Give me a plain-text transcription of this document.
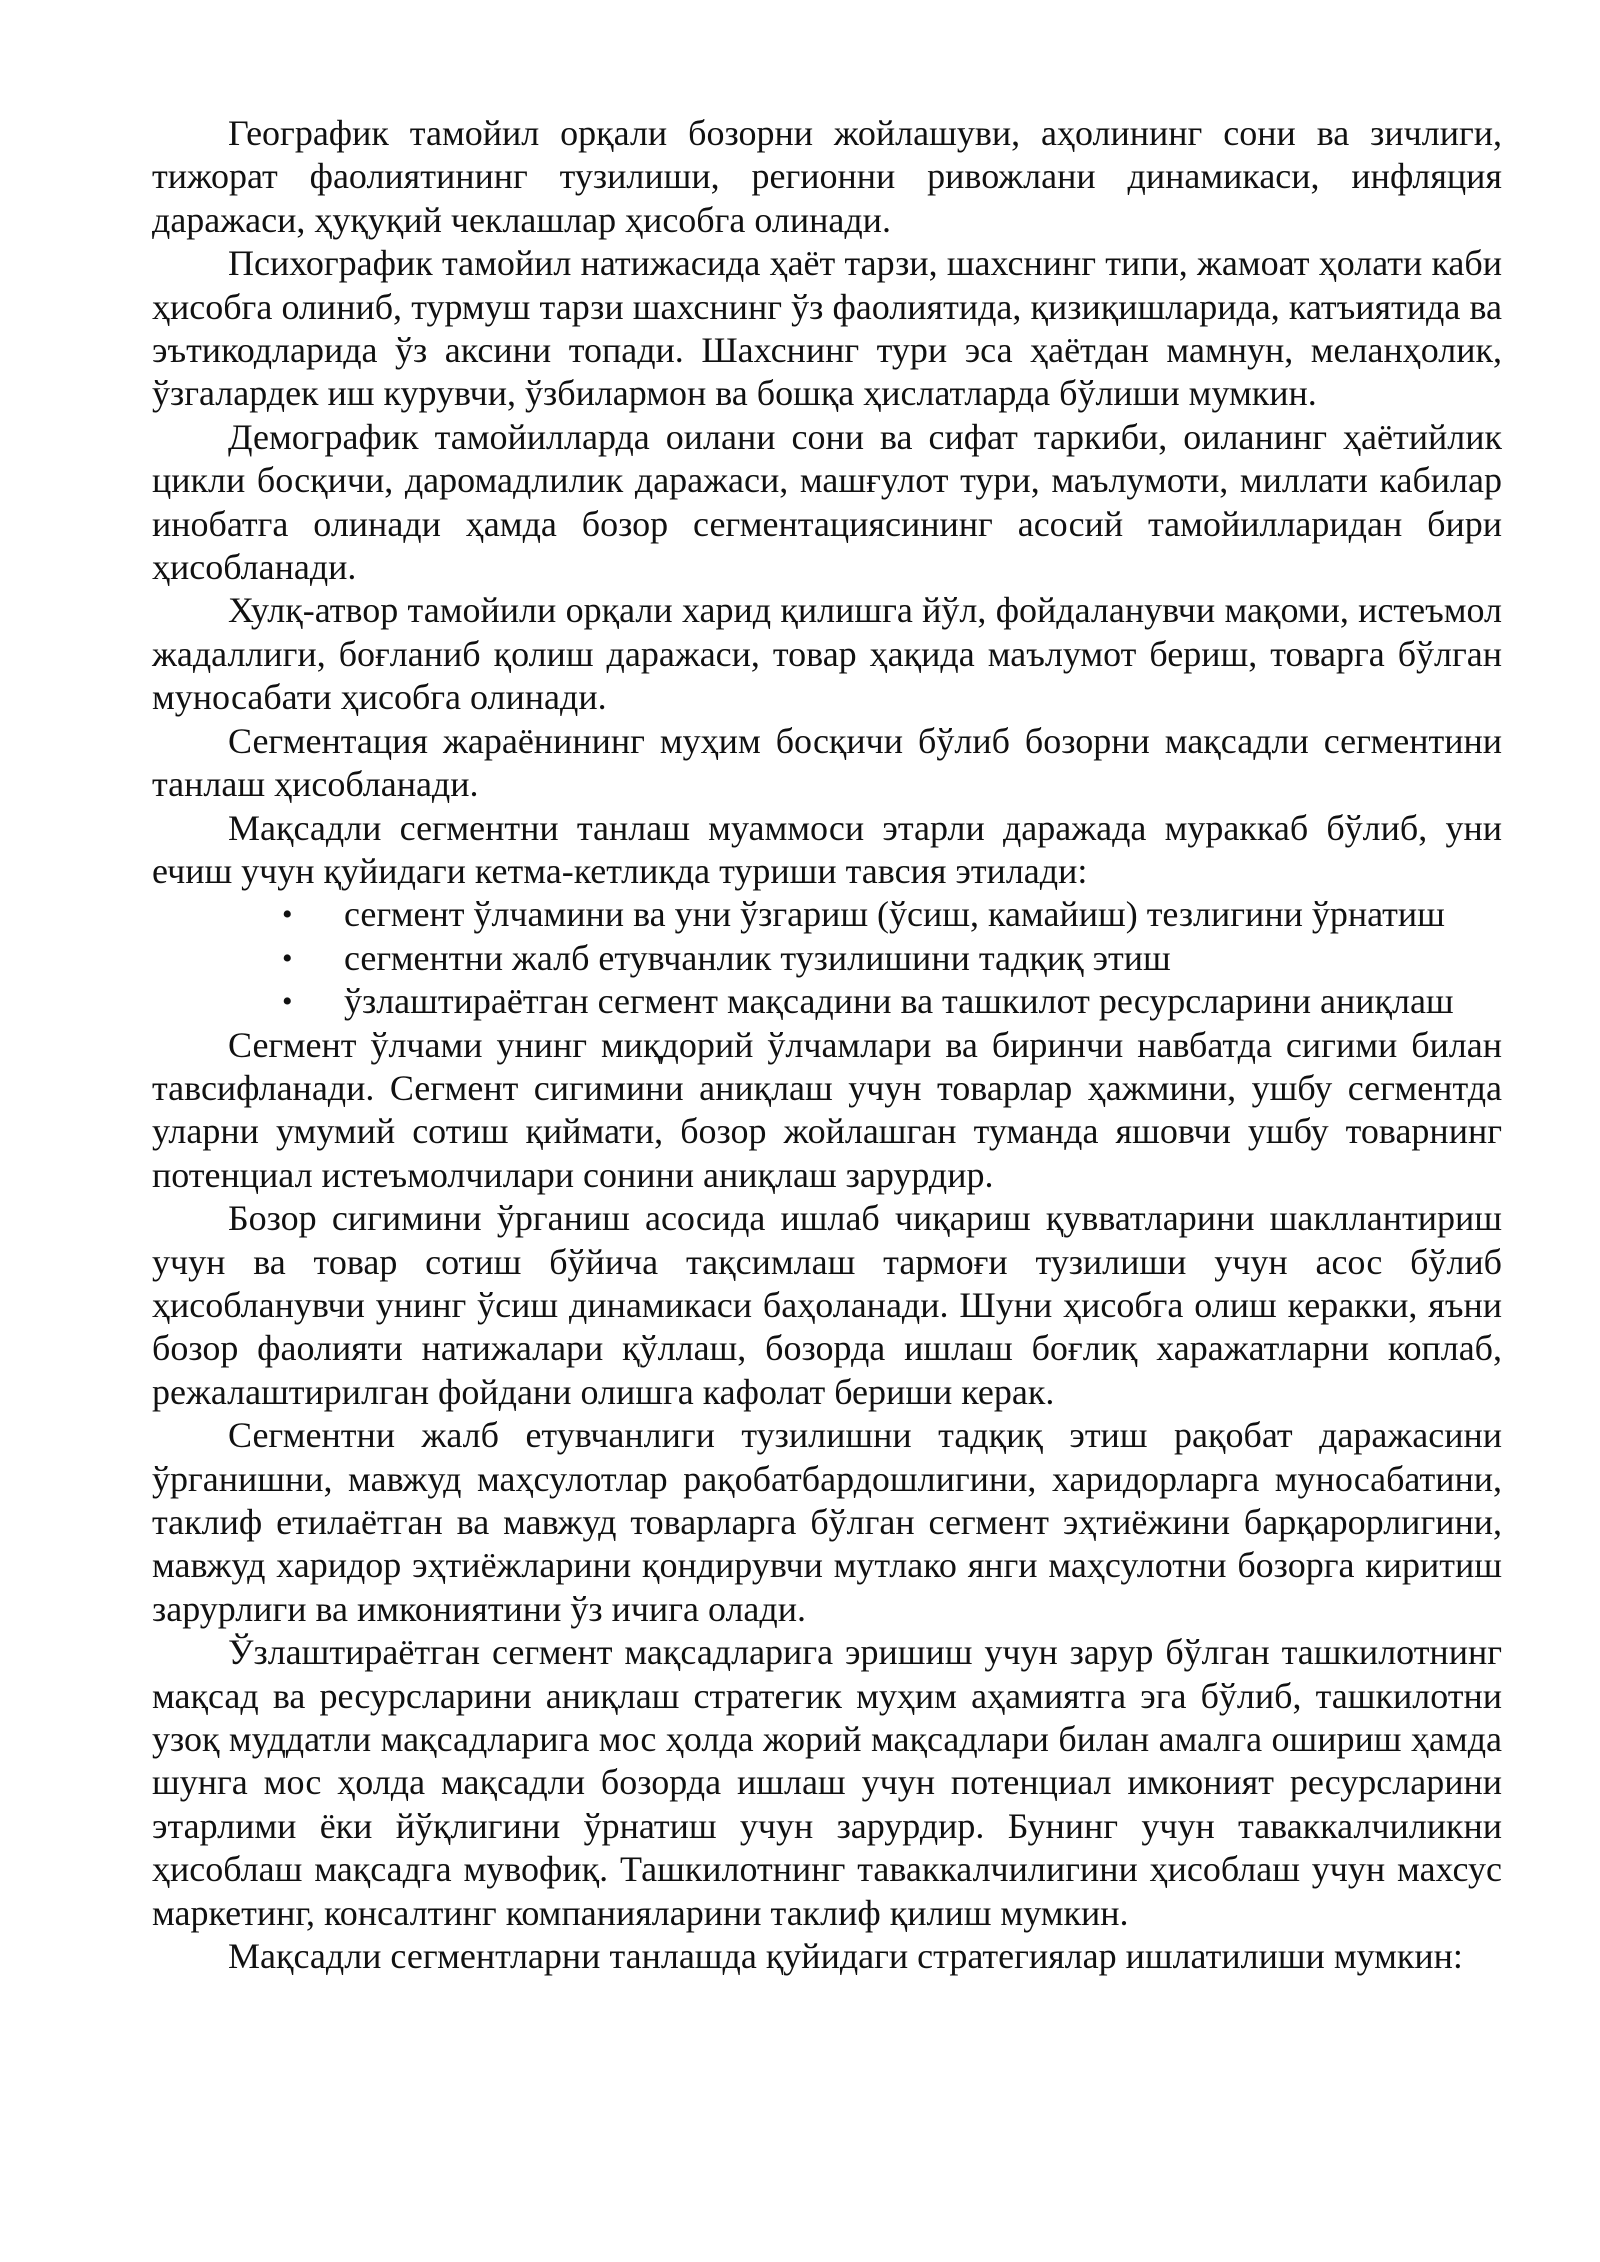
Географик тамойил орқали бозорни жойлашуви, аҳолининг сони ва зичлиги, тижорат фаолиятининг тузилиши, регионни ривожлани динамикаси, инфляция даражаси, ҳуқуқий чеклашлар ҳисобга олинади.

Психографик тамойил натижасида ҳаёт тарзи, шахснинг типи, жамоат ҳолати каби ҳисобга олиниб, турмуш тарзи шахснинг ўз фаолиятида, қизиқишларида, катъиятида ва эътикодларида ўз аксини топади. Шахснинг тури эса ҳаётдан мамнун, меланҳолик, ўзгалардек иш курувчи, ўзбилармон ва бошқа ҳислатларда бўлиши мумкин.

Демографик тамойилларда оилани сони ва сифат таркиби, оиланинг ҳаётийлик цикли босқичи, даромадлилик даражаси, машғулот тури, маълумоти, миллати кабилар инобатга олинади ҳамда бозор сегментациясининг асосий тамойилларидан бири ҳисобланади.

Хулқ-атвор тамойили орқали харид қилишга йўл, фойдаланувчи мақоми, истеъмол жадаллиги, боғланиб қолиш даражаси, товар ҳақида маълумот бериш, товарга бўлган муносабати ҳисобга олинади.

Сегментация жараёнининг муҳим босқичи бўлиб бозорни мақсадли сегментини танлаш ҳисобланади.

Мақсадли сегментни танлаш муаммоси этарли даражада мураккаб бўлиб, уни ечиш учун қуйидаги кетма-кетликда туриши тавсия этилади:

• сегмент ўлчамини ва уни ўзгариш (ўсиш, камайиш) тезлигини ўрнатиш
• сегментни жалб етувчанлик тузилишини тадқиқ этиш
• ўзлаштираётган сегмент мақсадини ва ташкилот ресурсларини аниқлаш

Сегмент ўлчами унинг миқдорий ўлчамлари ва биринчи навбатда сигими билан тавсифланади. Сегмент сигимини аниқлаш учун товарлар ҳажмини, ушбу сегментда уларни умумий сотиш қиймати, бозор жойлашган туманда яшовчи ушбу товарнинг потенциал истеъмолчилари сонини аниқлаш зарурдир.

Бозор сигимини ўрганиш асосида ишлаб чиқариш қувватларини шакллантириш учун ва товар сотиш бўйича тақсимлаш тармоғи тузилиши учун асос бўлиб ҳисобланувчи унинг ўсиш динамикаси баҳоланади. Шуни ҳисобга олиш керакки, яъни бозор фаолияти натижалари қўллаш, бозорда ишлаш боғлиқ харажатларни коплаб, режалаштирилган фойдани олишга кафолат бериши керак.

Сегментни жалб етувчанлиги тузилишни тадқиқ этиш рақобат даражасини ўрганишни, мавжуд маҳсулотлар рақобатбардошлигини, харидорларга муносабатини, таклиф етилаётган ва мавжуд товарларга бўлган сегмент эҳтиёжини барқарорлигини, мавжуд харидор эҳтиёжларини қондирувчи мутлако янги маҳсулотни бозорга киритиш зарурлиги ва имкониятини ўз ичига олади.

Ўзлаштираётган сегмент мақсадларига эришиш учун зарур бўлган ташкилотнинг мақсад ва ресурсларини аниқлаш стратегик муҳим аҳамиятга эга бўлиб, ташкилотни узоқ муддатли мақсадларига мос ҳолда жорий мақсадлари билан амалга ошириш ҳамда шунга мос ҳолда мақсадли бозорда ишлаш учун потенциал имконият ресурсларини этарлими ёки йўқлигини ўрнатиш учун зарурдир. Бунинг учун таваккалчиликни ҳисоблаш мақсадга мувофиқ. Ташкилотнинг таваккалчилигини ҳисоблаш учун махсус маркетинг, консалтинг компанияларини таклиф қилиш мумкин.

Мақсадли сегментларни танлашда қуйидаги стратегиялар ишлатилиши мумкин:
